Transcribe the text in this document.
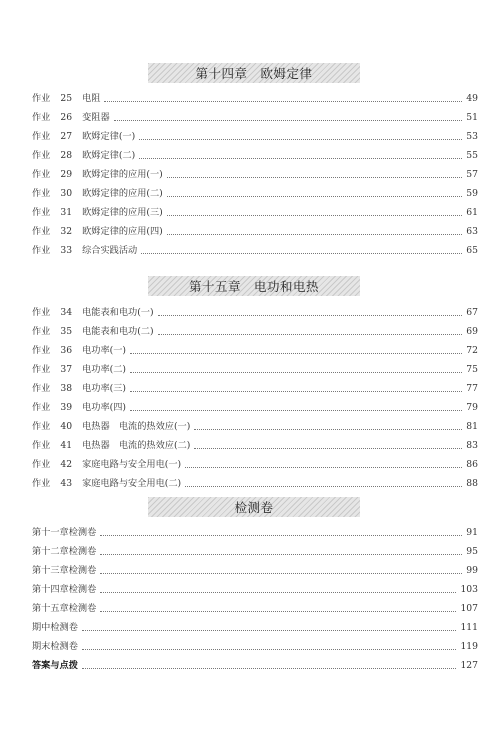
第十四章　欧姆定律
作业 25 电阻	49
作业 26 变阻器	51
作业 27 欧姆定律(一)	53
作业 28 欧姆定律(二)	55
作业 29 欧姆定律的应用(一)	57
作业 30 欧姆定律的应用(二)	59
作业 31 欧姆定律的应用(三)	61
作业 32 欧姆定律的应用(四)	63
作业 33 综合实践活动	65
第十五章　电功和电热
作业 34 电能表和电功(一)	67
作业 35 电能表和电功(二)	69
作业 36 电功率(一)	72
作业 37 电功率(二)	75
作业 38 电功率(三)	77
作业 39 电功率(四)	79
作业 40 电热器　电流的热效应(一)	81
作业 41 电热器　电流的热效应(二)	83
作业 42 家庭电路与安全用电(一)	86
作业 43 家庭电路与安全用电(二)	88
检测卷
第十一章检测卷	91
第十二章检测卷	95
第十三章检测卷	99
第十四章检测卷	103
第十五章检测卷	107
期中检测卷	111
期末检测卷	119
答案与点拨	127
